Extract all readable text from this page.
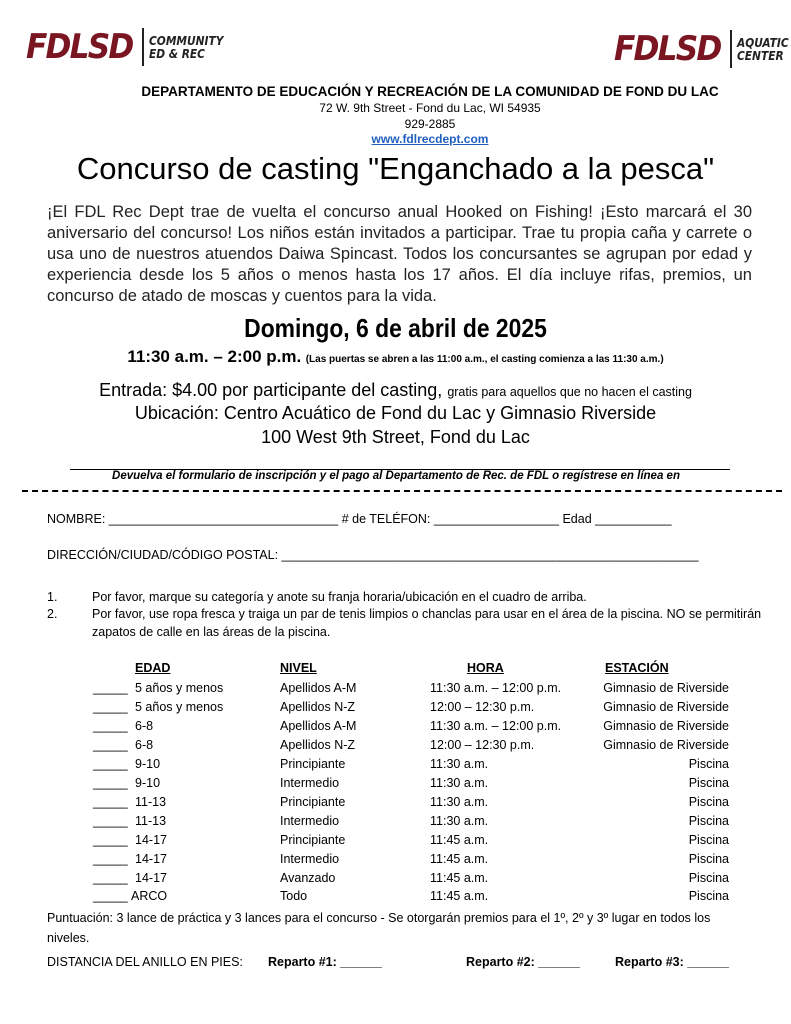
FDLSD COMMUNITY
ED & REC	FDLSD AQUATIC
CENTER
DEPARTAMENTO DE EDUCACIÓN Y RECREACIÓN DE LA COMUNIDAD DE FOND DU LAC
72 W. 9th Street - Fond du Lac, WI 54935
929-2885
www.fdlrecdept.com
Concurso de casting "Enganchado a la pesca"
¡El FDL Rec Dept trae de vuelta el concurso anual Hooked on Fishing! ¡Esto marcará el 30 aniversario del concurso! Los niños están invitados a participar. Trae tu propia caña y carrete o usa uno de nuestros atuendos Daiwa Spincast. Todos los concursantes se agrupan por edad y experiencia desde los 5 años o menos hasta los 17 años. El día incluye rifas, premios, un concurso de atado de moscas y cuentos para la vida.
Domingo, 6 de abril de 2025
11:30 a.m. – 2:00 p.m. (Las puertas se abren a las 11:00 a.m., el casting comienza a las 11:30 a.m.)
Entrada: $4.00 por participante del casting, gratis para aquellos que no hacen el casting
Ubicación: Centro Acuático de Fond du Lac y Gimnasio Riverside
100 West 9th Street, Fond du Lac
Devuelva el formulario de inscripción y el pago al Departamento de Rec. de FDL o regístrese en línea en
NOMBRE: _________________________________ # de TELÉFON: __________________ Edad ___________
DIRECCIÓN/CIUDAD/CÓDIGO POSTAL: ____________________________________________________________
1.	Por favor, marque su categoría y anote su franja horaria/ubicación en el cuadro de arriba.
2.	Por favor, use ropa fresca y traiga un par de tenis limpios o chanclas para usar en el área de la piscina. NO se permitirán zapatos de calle en las áreas de la piscina.
EDAD	NIVEL	HORA	ESTACIÓN
_____ 5 años y menos	Apellidos A-M	11:30 a.m. – 12:00 p.m.	Gimnasio de Riverside
_____ 5 años y menos	Apellidos N-Z	12:00 – 12:30 p.m.	Gimnasio de Riverside
_____ 6-8	Apellidos A-M	11:30 a.m. – 12:00 p.m.	Gimnasio de Riverside
_____ 6-8	Apellidos N-Z	12:00 – 12:30 p.m.	Gimnasio de Riverside
_____ 9-10	Principiante	11:30 a.m.	Piscina
_____ 9-10	Intermedio	11:30 a.m.	Piscina
_____ 11-13	Principiante	11:30 a.m.	Piscina
_____ 11-13	Intermedio	11:30 a.m.	Piscina
_____ 14-17	Principiante	11:45 a.m.	Piscina
_____ 14-17	Intermedio	11:45 a.m.	Piscina
_____ 14-17	Avanzado	11:45 a.m.	Piscina
_____ ARCO	Todo	11:45 a.m.	Piscina
Puntuación: 3 lance de práctica y 3 lances para el concurso - Se otorgarán premios para el 1º, 2º y 3º lugar en todos los niveles.
DISTANCIA DEL ANILLO EN PIES: Reparto #1: ______	Reparto #2: ______	Reparto #3: ______
